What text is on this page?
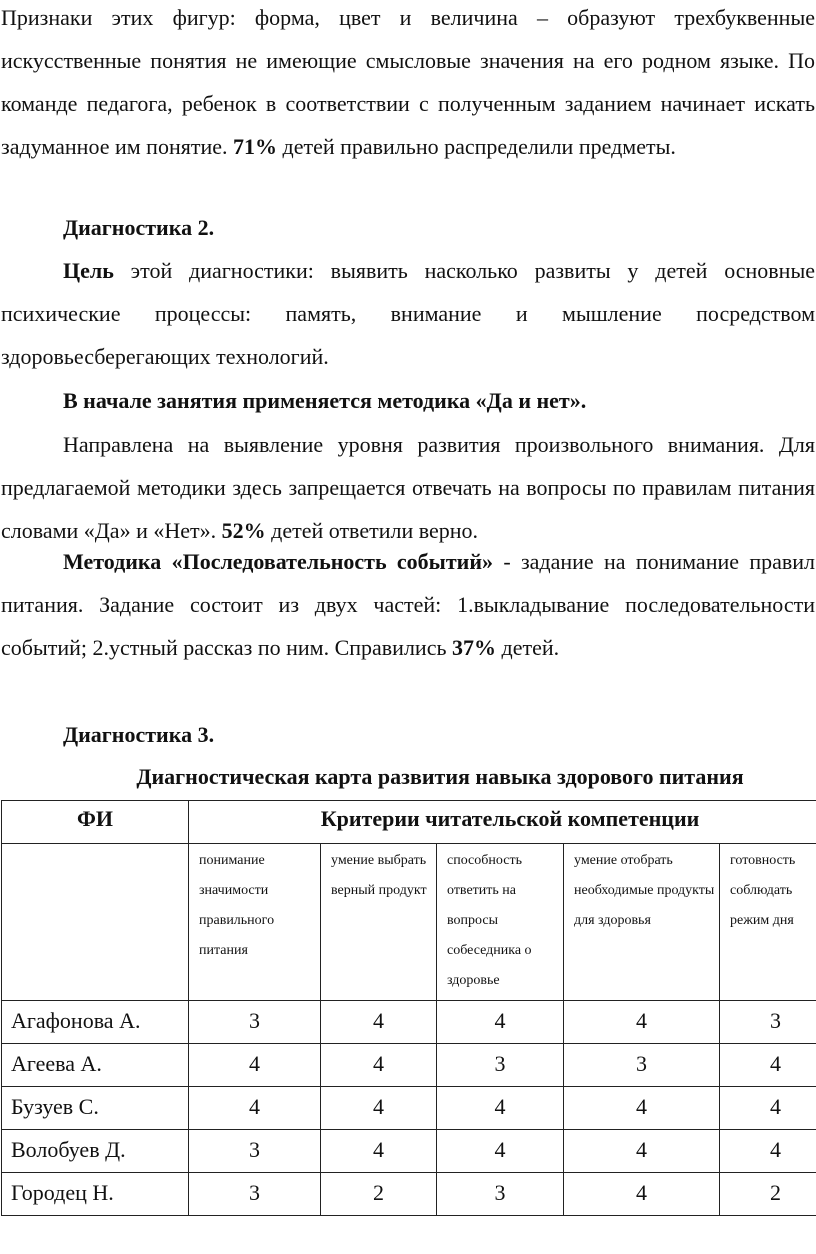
Признаки этих фигур: форма, цвет и величина – образуют трехбуквенные искусственные понятия не имеющие смысловые значения на его родном языке. По команде педагога, ребенок в соответствии с полученным заданием начинает искать задуманное им понятие. 71% детей правильно распределили предметы.

Диагностика 2.

Цель этой диагностики: выявить насколько развиты у детей основные психические процессы: память, внимание и мышление посредством здоровьесберегающих технологий.

В начале занятия применяется методика «Да и нет».

Направлена на выявление уровня развития произвольного внимания. Для предлагаемой методики здесь запрещается отвечать на вопросы по правилам питания словами «Да» и «Нет». 52% детей ответили верно.

Методика «Последовательность событий» - задание на понимание правил питания. Задание состоит из двух частей: 1.выкладывание последовательности событий; 2.устный рассказ по ним. Справились 37% детей.

Диагностика 3.

Диагностическая карта развития навыка здорового питания
ФИ	Критерии читательской компетенции				
	понимание значимости правильного питания	умение выбрать верный продукт	способность ответить на вопросы собеседника о здоровье	умение отобрать необходимые продукты для здоровья	готовность соблюдать режим дня
Агафонова А.	3	4	4	4	3
Агеева А.	4	4	3	3	4
Бузуев С.	4	4	4	4	4
Волобуев Д.	3	4	4	4	4
Городец Н.	3	2	3	4	2
